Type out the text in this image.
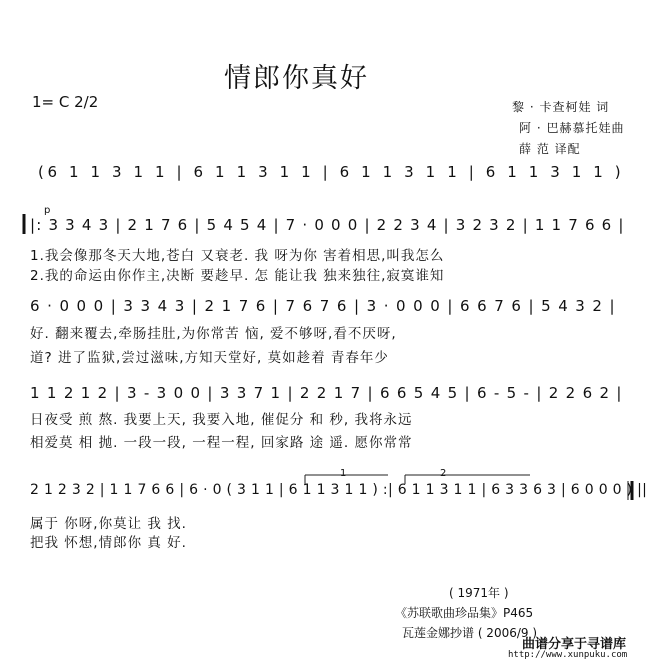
情郎你真好
1= C 2/2	黎 · 卡查柯娃 词
阿 · 巴赫慕托娃曲
薛 范 译配
(6 1 1 3 1 1 | 6 1 1 3 1 1 | 6 1 1 3 1 1 | 6 1 1 3 1 1 )
p
|: 3 3 4 3 | 2 1 7 6 | 5 4 5 4 | 7 · 0 0 0 | 2 2 3 4 | 3 2 3 2 | 1 1 7 6 6 |
1.我会像那冬天大地,苍白 又衰老. 我 呀为你 害着相思,叫我怎么
2.我的命运由你作主,决断 要趁早. 怎 能让我 独来独往,寂寞谁知
6 · 0 0 0 | 3 3 4 3 | 2 1 7 6 | 7 6 7 6 | 3 · 0 0 0 | 6 6 7 6 | 5 4 3 2 |
好. 翻来覆去,牵肠挂肚,为你常苦 恼, 爱不够呀,看不厌呀,
道? 进了监狱,尝过滋味,方知天堂好, 莫如趁着 青春年少
1 1 2 1 2 | 3 - 3 0 0 | 3 3 7 1 | 2 2 1 7 | 6 6 5 4 5 | 6 - 5 - | 2 2 6 2 |
日夜受 煎 熬. 我要上天, 我要入地, 催促分 和 秒, 我将永远
相爱莫 相 抛. 一段一段, 一程一程, 回家路 途 遥. 愿你常常
1	2
2 1 2 3 2 | 1 1 7 6 6 | 6 · 0 ( 3 1 1 | 6 1 1 3 1 1 ) :| 6 1 1 3 1 1 | 6 3 3 6 3 | 6 0 0 0 ) ||
属于 你呀,你莫让 我 找.
把我 怀想,情郎你 真 好.
( 1971年 )
《苏联歌曲珍品集》P465
瓦莲金娜抄谱 ( 2006/9 )
曲谱分享于寻谱库
http://www.xunpuku.com
